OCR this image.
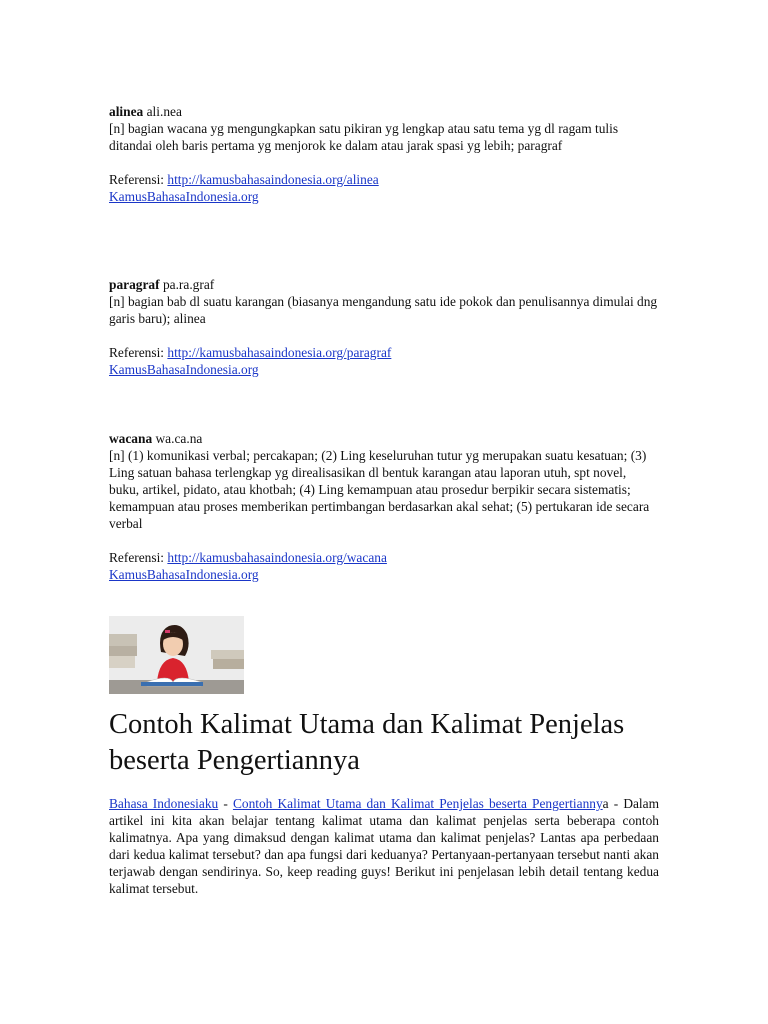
alinea ali.nea

[n] bagian wacana yg mengungkapkan satu pikiran yg lengkap atau satu tema yg dl ragam tulis ditandai oleh baris pertama yg menjorok ke dalam atau jarak spasi yg lebih; paragraf

Referensi: http://kamusbahasaindonesia.org/alinea
KamusBahasaIndonesia.org
paragraf pa.ra.graf

[n] bagian bab dl suatu karangan (biasanya mengandung satu ide pokok dan penulisannya dimulai dng garis baru); alinea

Referensi: http://kamusbahasaindonesia.org/paragraf
KamusBahasaIndonesia.org
wacana wa.ca.na

[n] (1) komunikasi verbal; percakapan; (2) Ling keseluruhan tutur yg merupakan suatu kesatuan; (3) Ling satuan bahasa terlengkap yg direalisasikan dl bentuk karangan atau laporan utuh, spt novel, buku, artikel, pidato, atau khotbah; (4) Ling kemampuan atau prosedur berpikir secara sistematis; kemampuan atau proses memberikan pertimbangan berdasarkan akal sehat; (5) pertukaran ide secara verbal

Referensi: http://kamusbahasaindonesia.org/wacana
KamusBahasaIndonesia.org
Contoh Kalimat Utama dan Kalimat Penjelas beserta Pengertiannya

Bahasa Indonesiaku - Contoh Kalimat Utama dan Kalimat Penjelas beserta Pengertiannya - Dalam artikel ini kita akan belajar tentang kalimat utama dan kalimat penjelas serta beberapa contoh kalimatnya. Apa yang dimaksud dengan kalimat utama dan kalimat penjelas? Lantas apa perbedaan dari kedua kalimat tersebut? dan apa fungsi dari keduanya? Pertanyaan-pertanyaan tersebut nanti akan terjawab dengan sendirinya. So, keep reading guys! Berikut ini penjelasan lebih detail tentang kedua kalimat tersebut.
